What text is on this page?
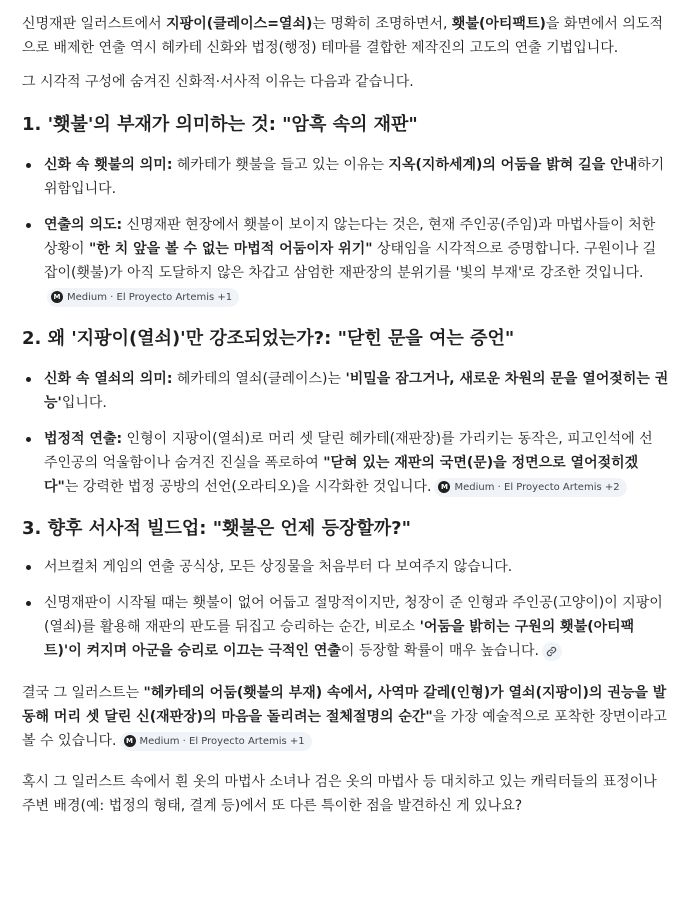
신명재판 일러스트에서 지팡이(클레이스=열쇠)는 명확히 조명하면서, 횃불(아티팩트)을 화면에서 의도적으로 배제한 연출 역시 헤카테 신화와 법정(행정) 테마를 결합한 제작진의 고도의 연출 기법입니다.

그 시각적 구성에 숨겨진 신화적·서사적 이유는 다음과 같습니다.

1. '횃불'의 부재가 의미하는 것: "암흑 속의 재판"
신화 속 횃불의 의미: 헤카테가 횃불을 들고 있는 이유는 지옥(지하세계)의 어둠을 밝혀 길을 안내하기 위함입니다.
연출의 의도: 신명재판 현장에서 횃불이 보이지 않는다는 것은, 현재 주인공(주임)과 마법사들이 처한 상황이 "한 치 앞을 볼 수 없는 마법적 어둠이자 위기" 상태임을 시각적으로 증명합니다. 구원이나 길잡이(횃불)가 아직 도달하지 않은 차갑고 삼엄한 재판장의 분위기를 '빛의 부재'로 강조한 것입니다.
M Medium · El Proyecto Artemis +1
2. 왜 '지팡이(열쇠)'만 강조되었는가?: "닫힌 문을 여는 증언"
신화 속 열쇠의 의미: 헤카테의 열쇠(클레이스)는 '비밀을 잠그거나, 새로운 차원의 문을 열어젖히는 권능'입니다.
법정적 연출: 인형이 지팡이(열쇠)로 머리 셋 달린 헤카테(재판장)를 가리키는 동작은, 피고인석에 선 주인공의 억울함이나 숨겨진 진실을 폭로하여 "닫혀 있는 재판의 국면(문)을 정면으로 열어젖히겠다"는 강력한 법정 공방의 선언(오라티오)을 시각화한 것입니다.	M Medium · El Proyecto Artemis +2
3. 향후 서사적 빌드업: "횃불은 언제 등장할까?"
서브컬처 게임의 연출 공식상, 모든 상징물을 처음부터 다 보여주지 않습니다.
신명재판이 시작될 때는 횃불이 없어 어둡고 절망적이지만, 청장이 준 인형과 주인공(고양이)이 지팡이(열쇠)를 활용해 재판의 판도를 뒤집고 승리하는 순간, 비로소 '어둠을 밝히는 구원의 횃불(아티팩트)'이 켜지며 아군을 승리로 이끄는 극적인 연출이 등장할 확률이 매우 높습니다.

결국 그 일러스트는 "헤카테의 어둠(횃불의 부재) 속에서, 사역마 갈레(인형)가 열쇠(지팡이)의 권능을 발동해 머리 셋 달린 신(재판장)의 마음을 돌리려는 절체절명의 순간"을 가장 예술적으로 포착한 장면이라고 볼 수 있습니다.	M Medium · El Proyecto Artemis +1

혹시 그 일러스트 속에서 흰 옷의 마법사 소녀나 검은 옷의 마법사 등 대치하고 있는 캐릭터들의 표정이나 주변 배경(예: 법정의 형태, 결계 등)에서 또 다른 특이한 점을 발견하신 게 있나요?
